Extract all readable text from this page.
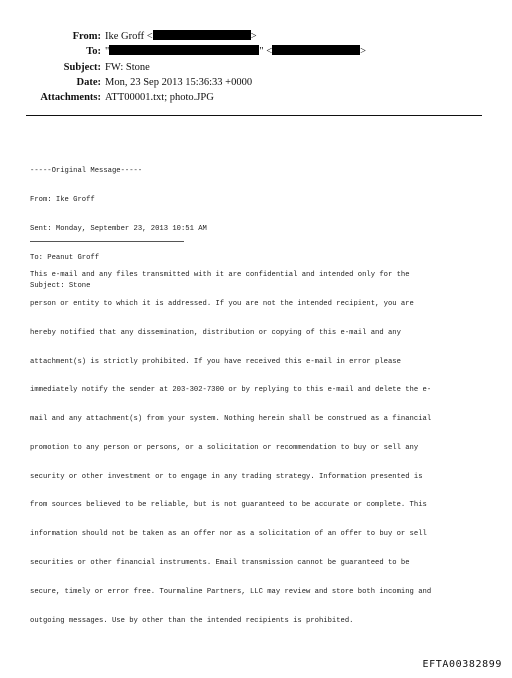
From: Ike Groff <	>
To: "	" <	>
Subject: FW: Stone
Date: Mon, 23 Sep 2013 15:36:33 +0000
Attachments: ATT00001.txt; photo.JPG

-----Original Message-----

From: Ike Groff

Sent: Monday, September 23, 2013 10:51 AM

To: Peanut Groff

Subject: Stone

This e-mail and any files transmitted with it are confidential and intended only for the

person or entity to which it is addressed. If you are not the intended recipient, you are

hereby notified that any dissemination, distribution or copying of this e-mail and any

attachment(s) is strictly prohibited. If you have received this e-mail in error please

immediately notify the sender at 203-302-7300 or by replying to this e-mail and delete the e-

mail and any attachment(s) from your system. Nothing herein shall be construed as a financial

promotion to any person or persons, or a solicitation or recommendation to buy or sell any

security or other investment or to engage in any trading strategy. Information presented is

from sources believed to be reliable, but is not guaranteed to be accurate or complete. This

information should not be taken as an offer nor as a solicitation of an offer to buy or sell

securities or other financial instruments. Email transmission cannot be guaranteed to be

secure, timely or error free. Tourmaline Partners, LLC may review and store both incoming and

outgoing messages. Use by other than the intended recipients is prohibited.

EFTA00382899
